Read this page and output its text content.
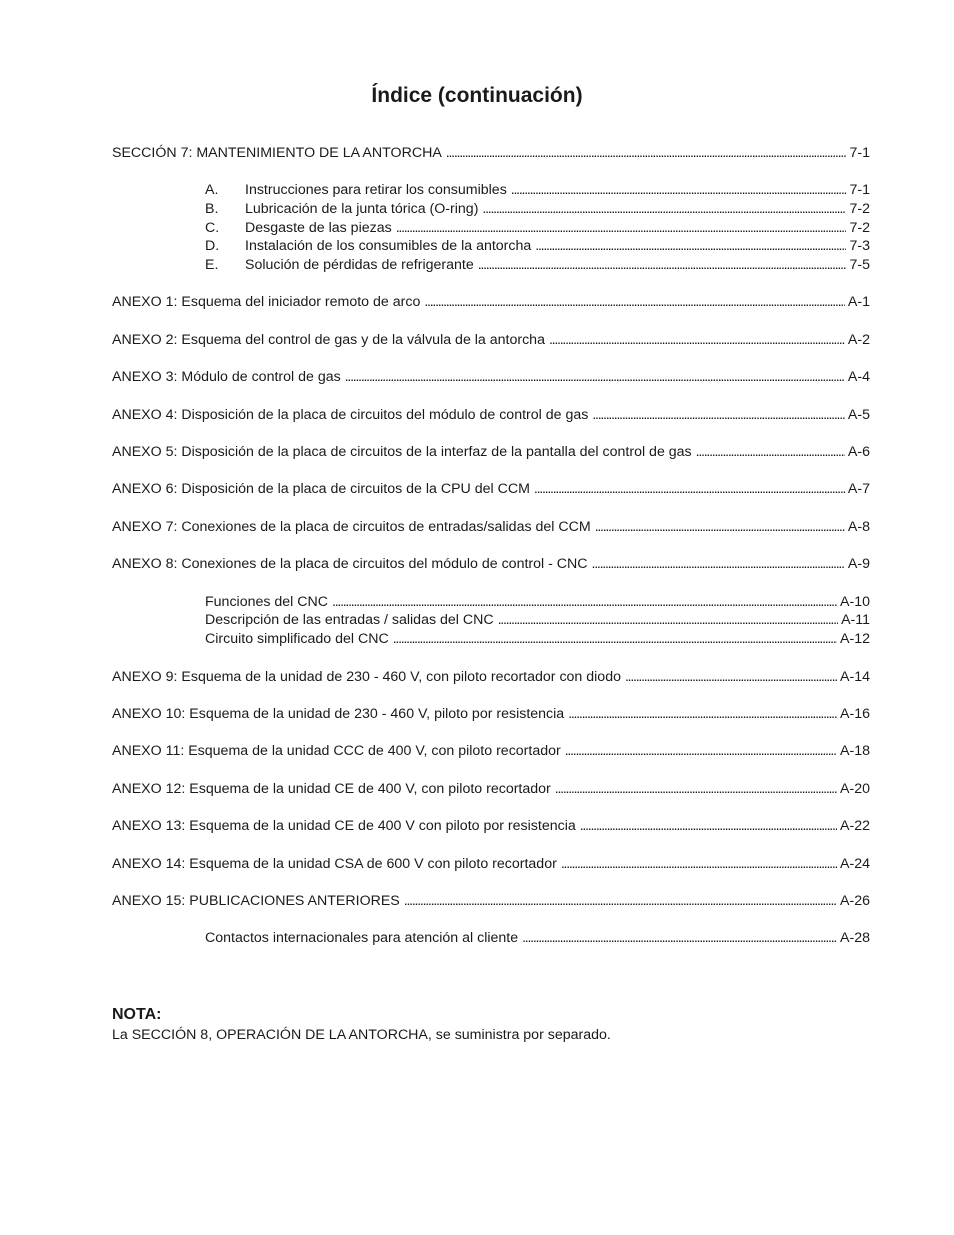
Índice (continuación)
SECCIÓN 7: MANTENIMIENTO DE LA ANTORCHA . . .	7-1
A.	Instrucciones para retirar los consumibles . . .	7-1
B.	Lubricación de la junta tórica (O-ring) . . .	7-2
C.	Desgaste de las piezas . . .	7-2
D.	Instalación de los consumibles de la antorcha . . .	7-3
E.	Solución de pérdidas de refrigerante . . .	7-5
ANEXO 1: Esquema del iniciador remoto de arco . . .	A-1
ANEXO 2: Esquema del control de gas y de la válvula de la antorcha . . .	A-2
ANEXO 3: Módulo de control de gas . . .	A-4
ANEXO 4: Disposición de la placa de circuitos del módulo de control de gas . . .	A-5
ANEXO 5: Disposición de la placa de circuitos de la interfaz de la pantalla del control de gas . . .	A-6
ANEXO 6: Disposición de la placa de circuitos de la CPU del CCM . . .	A-7
ANEXO 7: Conexiones de la placa de circuitos de entradas/salidas del CCM . . .	A-8
ANEXO 8: Conexiones de la placa de circuitos del módulo de control - CNC . . .	A-9
Funciones del CNC . . .	A-10
Descripción de las entradas / salidas del CNC . . .	A-11
Circuito simplificado del CNC . . .	A-12
ANEXO 9: Esquema de la unidad de 230 - 460 V, con piloto recortador con diodo . . .	A-14
ANEXO 10: Esquema de la unidad de 230 - 460 V, piloto por resistencia . . .	A-16
ANEXO 11: Esquema de la unidad CCC de 400 V, con piloto recortador . . .	A-18
ANEXO 12: Esquema de la unidad CE de 400 V, con piloto recortador . . .	A-20
ANEXO 13: Esquema de la unidad CE de 400 V con piloto por resistencia . . .	A-22
ANEXO 14: Esquema de la unidad CSA de 600 V con piloto recortador . . .	A-24
ANEXO 15: PUBLICACIONES ANTERIORES . . .	A-26
Contactos internacionales para atención al cliente . . .	A-28

NOTA:

La SECCIÓN 8, OPERACIÓN DE LA ANTORCHA, se suministra por separado.
